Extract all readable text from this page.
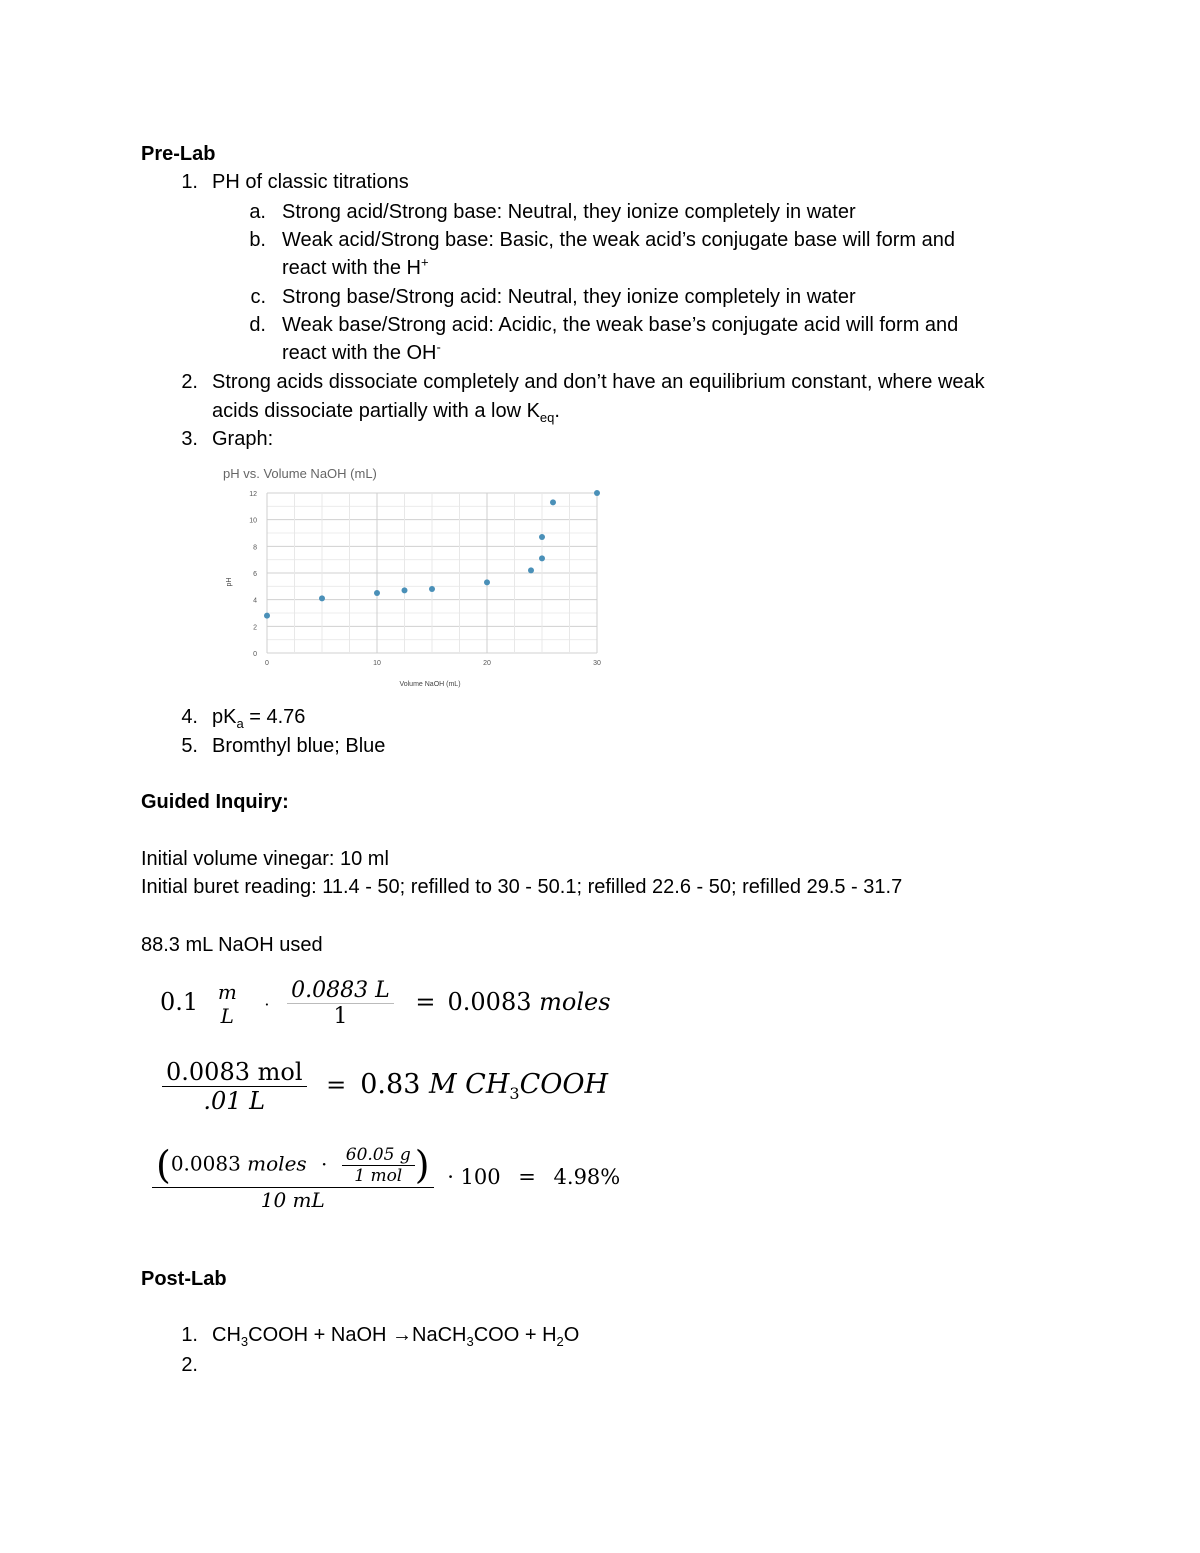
Pre-Lab
1. PH of classic titrations
a. Strong acid/Strong base: Neutral, they ionize completely in water
b. Weak acid/Strong base: Basic, the weak acid’s conjugate base will form and
react with the H+
c. Strong base/Strong acid: Neutral, they ionize completely in water
d. Weak base/Strong acid: Acidic, the weak base’s conjugate acid will form and
react with the OH-
2. Strong acids dissociate completely and don’t have an equilibrium constant, where weak
acids dissociate partially with a low $K_{eq}$.
3. Graph:
pH vs. Volume NaOH (mL)
0
2
4
6
8
10
12
0	10	20	30
pH
Volume NaOH (mL)
4. $pK_a = 4.76$
5. Bromthyl blue; Blue
Guided Inquiry:
Initial volume vinegar: 10 ml
Initial buret reading: 11.4 - 50; refilled to 30 - 50.1; refilled 22.6 - 50; refilled 29.5 - 31.7
88.3 mL NaOH used
0.1 m
L	· $\frac{0.0883 L}{1} = 0.0083$ moles
$\frac{\text{0.0083 mol}}{.01 L} = 0.83$ M $CH_3COOH$
(0.0083 moles · $\frac{60.05 g}{\text{1 mol}}$ )
10 mL
· 100 = 4.98%
Post-Lab
1. $CH_3COOH$ + NaOH →NaCH$_3$COO + $H_2O$
2.
